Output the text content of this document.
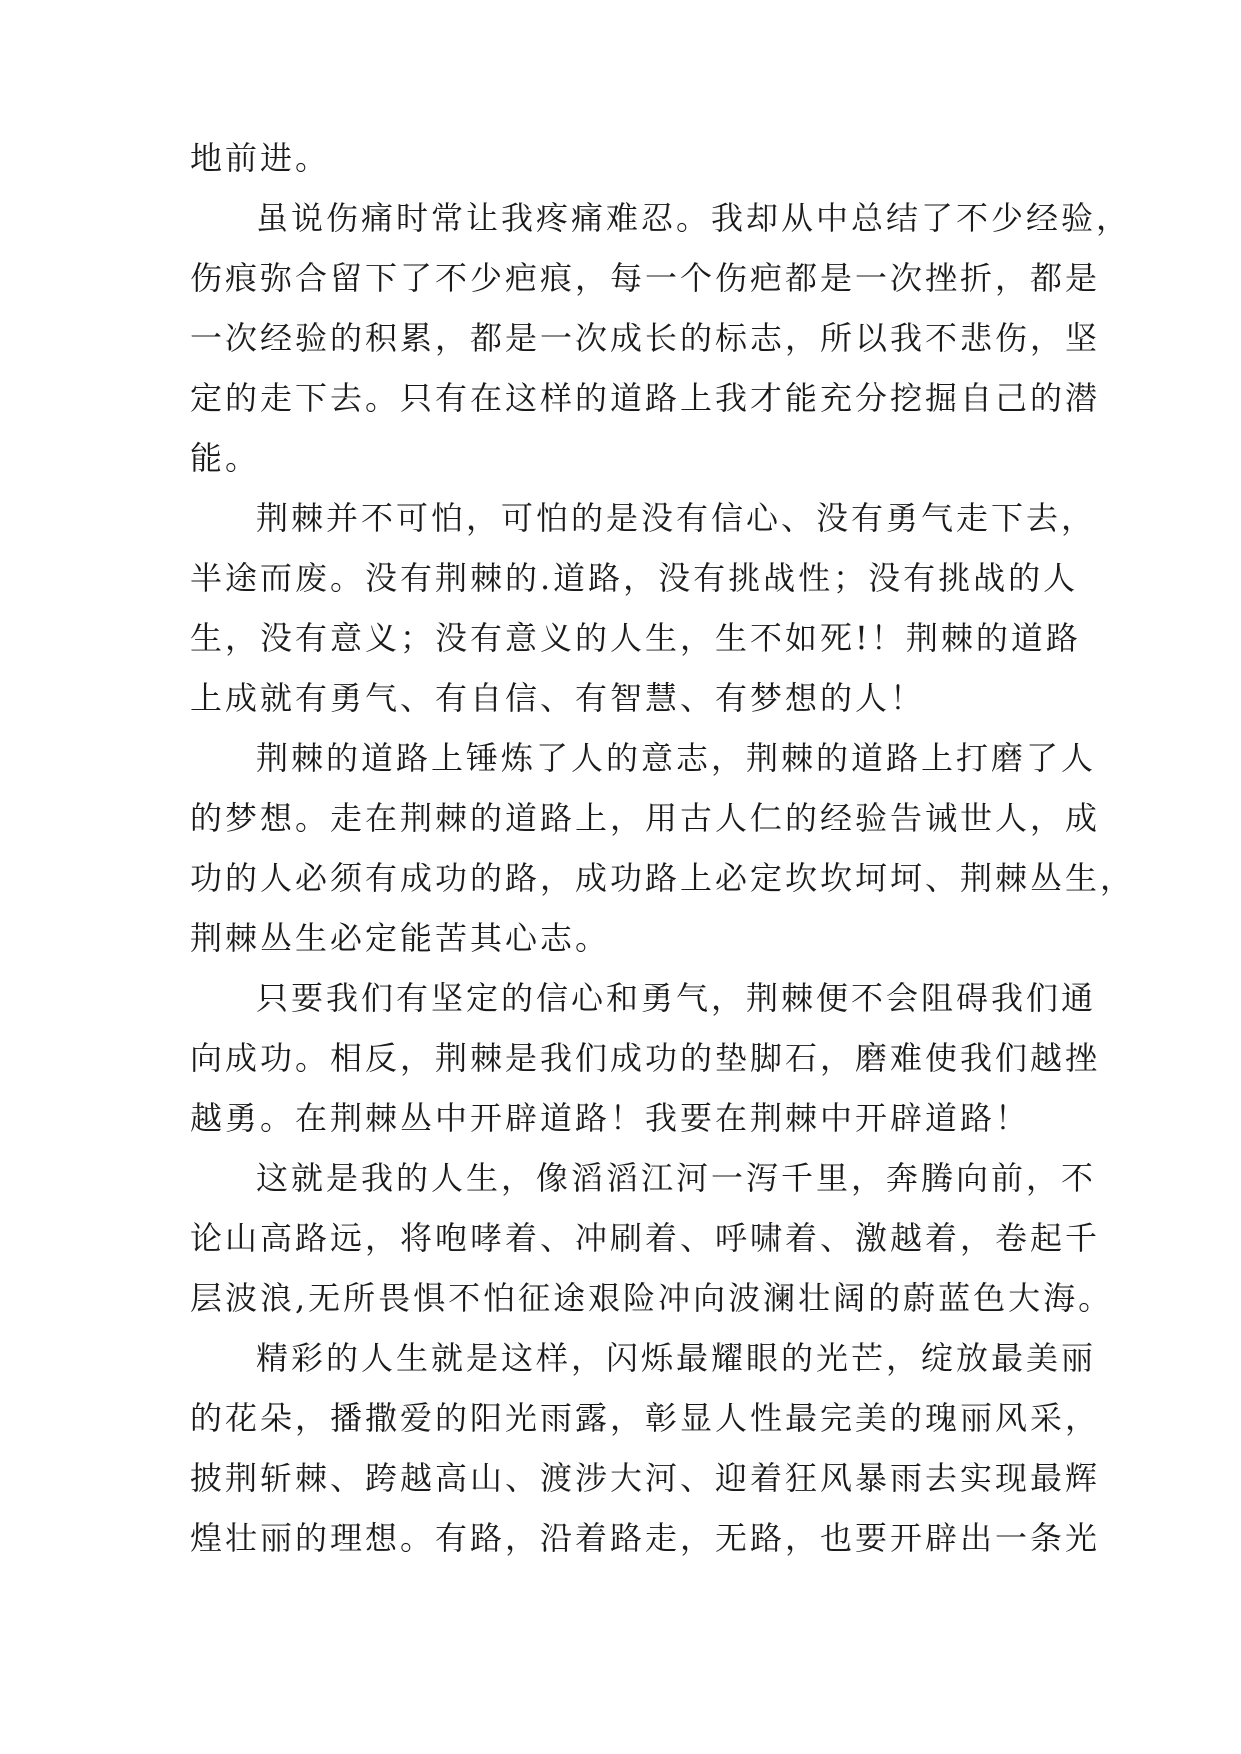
地前进。

虽说伤痛时常让我疼痛难忍。我却从中总结了不少经验，

伤痕弥合留下了不少疤痕，每一个伤疤都是一次挫折，都是

一次经验的积累，都是一次成长的标志，所以我不悲伤，坚

定的走下去。只有在这样的道路上我才能充分挖掘自己的潜

能。

荆棘并不可怕，可怕的是没有信心、没有勇气走下去，

半途而废。没有荆棘的.道路，没有挑战性；没有挑战的人

生，没有意义；没有意义的人生，生不如死!！荆棘的道路

上成就有勇气、有自信、有智慧、有梦想的人！

荆棘的道路上锤炼了人的意志，荆棘的道路上打磨了人

的梦想。走在荆棘的道路上，用古人仁的经验告诫世人，成

功的人必须有成功的路，成功路上必定坎坎坷坷、荆棘丛生，

荆棘丛生必定能苦其心志。

只要我们有坚定的信心和勇气，荆棘便不会阻碍我们通

向成功。相反，荆棘是我们成功的垫脚石，磨难使我们越挫

越勇。在荆棘丛中开辟道路！我要在荆棘中开辟道路！

这就是我的人生，像滔滔江河一泻千里，奔腾向前，不

论山高路远，将咆哮着、冲刷着、呼啸着、激越着，卷起千

层波浪,无所畏惧不怕征途艰险冲向波澜壮阔的蔚蓝色大海。

精彩的人生就是这样，闪烁最耀眼的光芒，绽放最美丽

的花朵，播撒爱的阳光雨露，彰显人性最完美的瑰丽风采，

披荆斩棘、跨越高山、渡涉大河、迎着狂风暴雨去实现最辉

煌壮丽的理想。有路，沿着路走，无路，也要开辟出一条光
